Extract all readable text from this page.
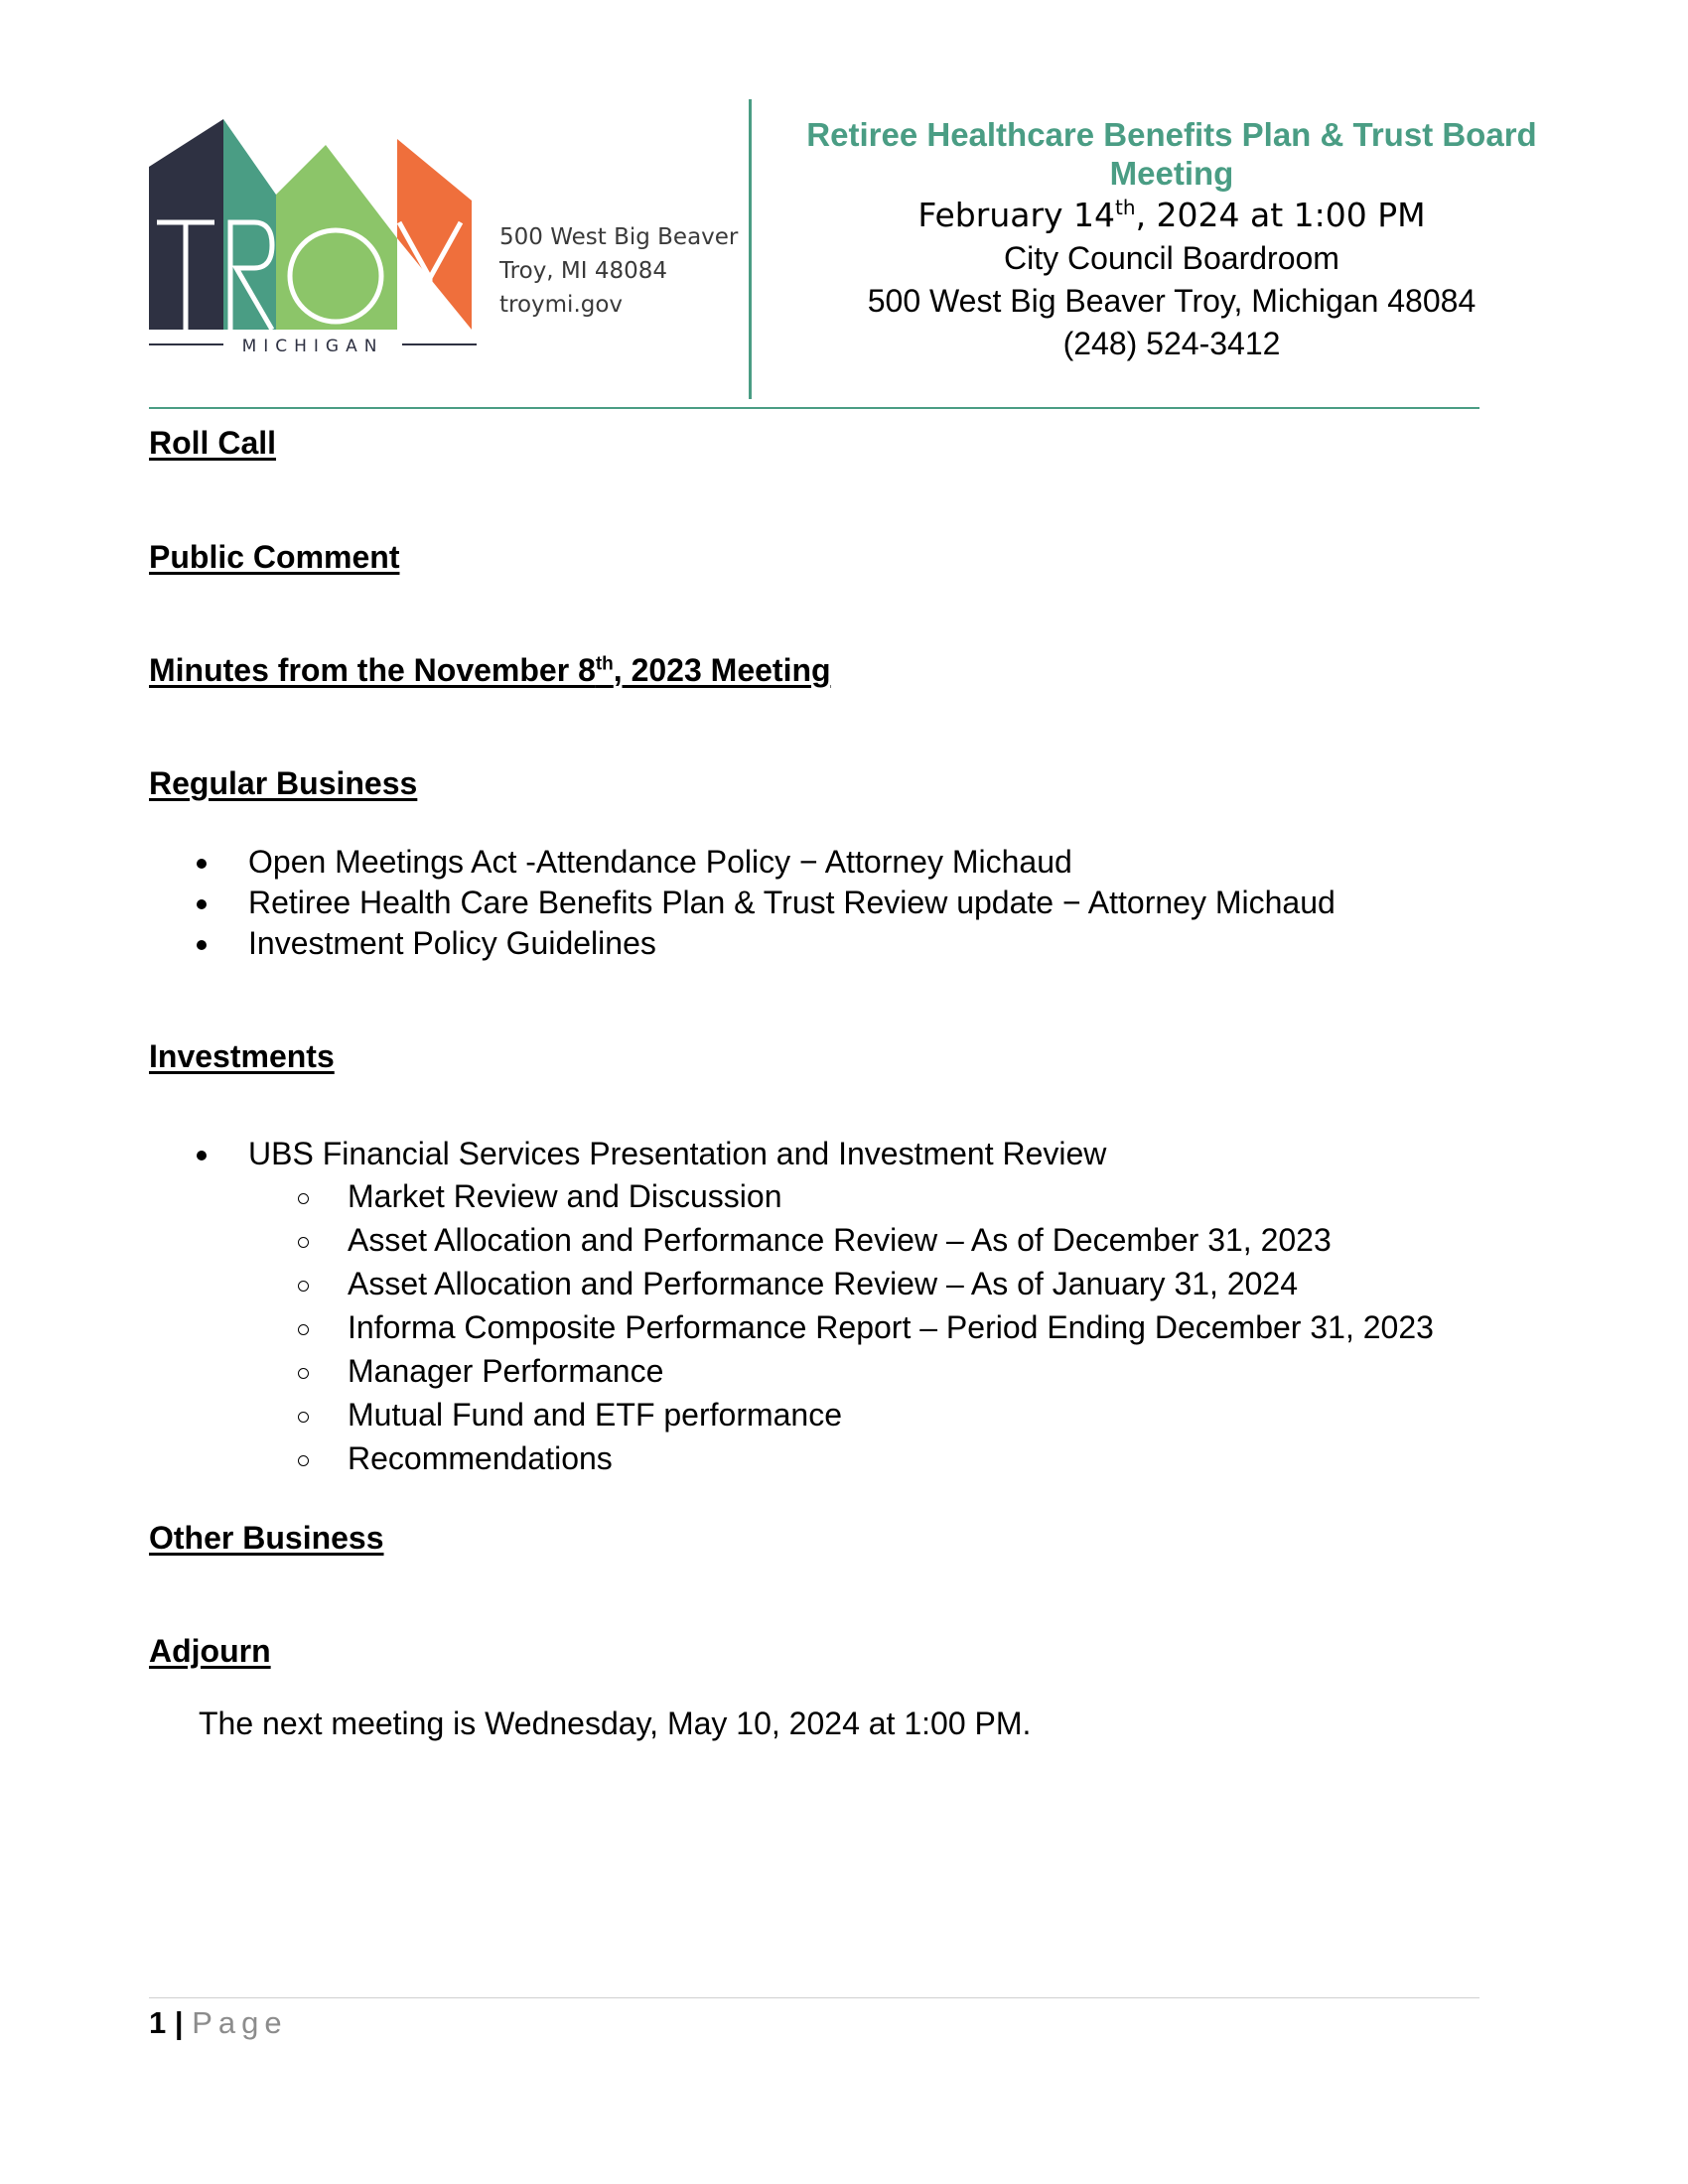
MICHIGAN
500 West Big Beaver
Troy, MI 48084
troymi.gov
Retiree Healthcare Benefits Plan & Trust Board
Meeting
February 14th, 2024 at 1:00 PM
City Council Boardroom
500 West Big Beaver Troy, Michigan 48084
(248) 524-3412
Roll Call
Public Comment
Minutes from the November 8th, 2023 Meeting
Regular Business
Open Meetings Act -Attendance Policy − Attorney Michaud
Retiree Health Care Benefits Plan & Trust Review update − Attorney Michaud
Investment Policy Guidelines
Investments
UBS Financial Services Presentation and Investment Review
Market Review and Discussion
Asset Allocation and Performance Review – As of December 31, 2023
Asset Allocation and Performance Review – As of January 31, 2024
Informa Composite Performance Report – Period Ending December 31, 2023
Manager Performance
Mutual Fund and ETF performance
Recommendations
Other Business
Adjourn
The next meeting is Wednesday, May 10, 2024 at 1:00 PM.
1 | Page
